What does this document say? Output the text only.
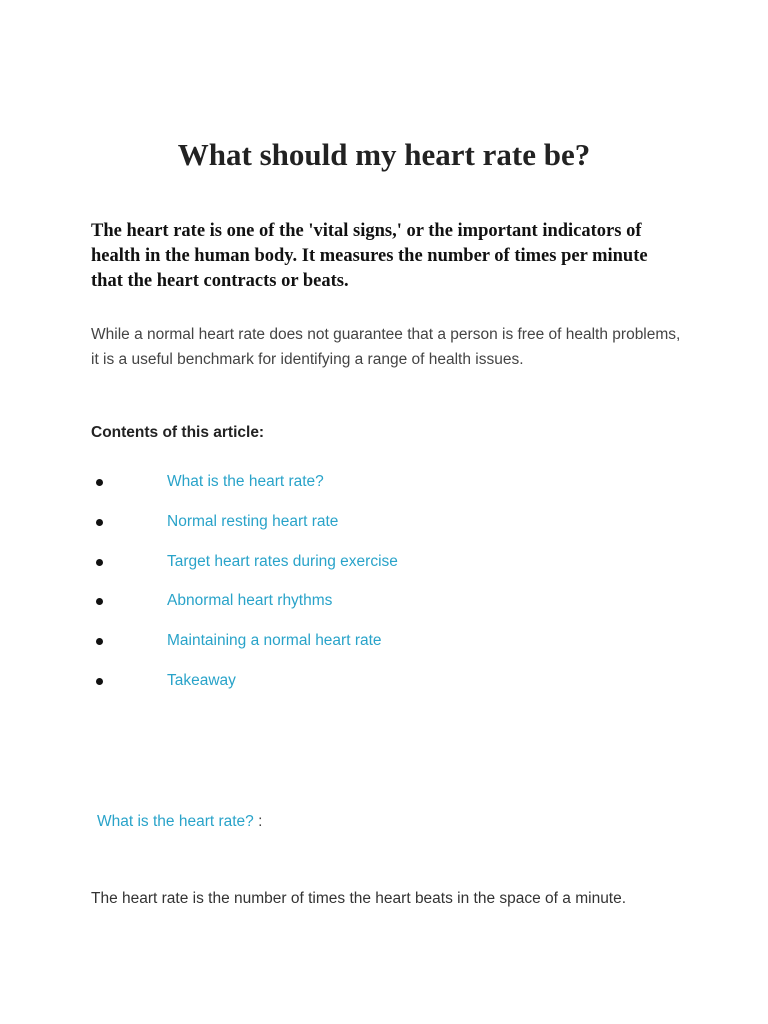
What should my heart rate be?

The heart rate is one of the 'vital signs,' or the important indicators of health in the human body. It measures the number of times per minute that the heart contracts or beats.

While a normal heart rate does not guarantee that a person is free of health problems, it is a useful benchmark for identifying a range of health issues.

Contents of this article:

What is the heart rate?
Normal resting heart rate
Target heart rates during exercise
Abnormal heart rhythms
Maintaining a normal heart rate
Takeaway

What is the heart rate? :

The heart rate is the number of times the heart beats in the space of a minute.
